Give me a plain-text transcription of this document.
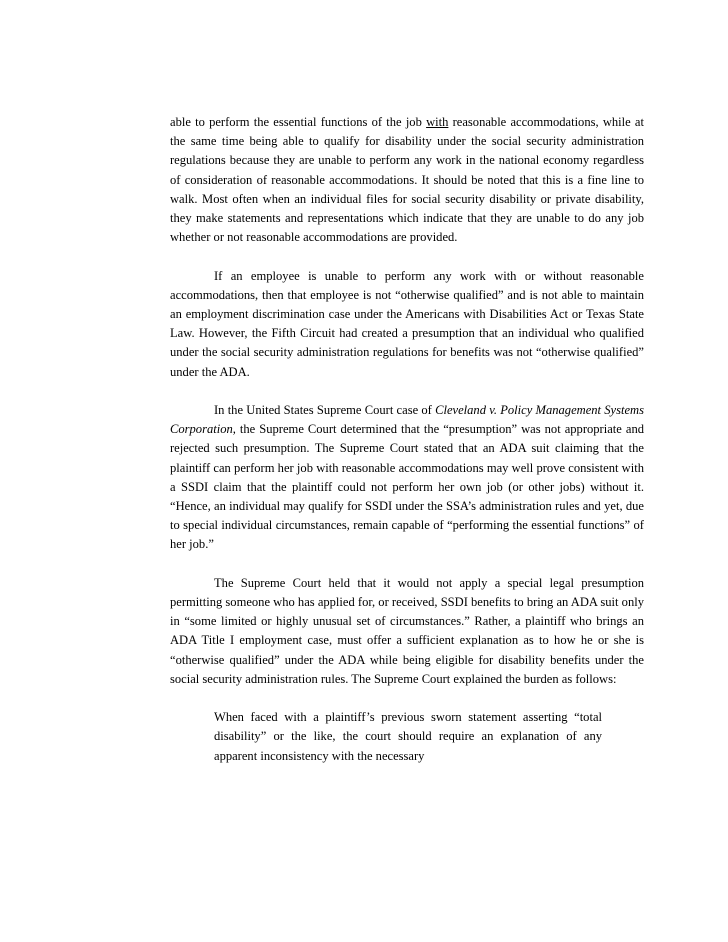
able to perform the essential functions of the job with reasonable accommodations, while at the same time being able to qualify for disability under the social security administration regulations because they are unable to perform any work in the national economy regardless of consideration of reasonable accommodations. It should be noted that this is a fine line to walk. Most often when an individual files for social security disability or private disability, they make statements and representations which indicate that they are unable to do any job whether or not reasonable accommodations are provided.

If an employee is unable to perform any work with or without reasonable accommodations, then that employee is not “otherwise qualified” and is not able to maintain an employment discrimination case under the Americans with Disabilities Act or Texas State Law. However, the Fifth Circuit had created a presumption that an individual who qualified under the social security administration regulations for benefits was not “otherwise qualified” under the ADA.

In the United States Supreme Court case of Cleveland v. Policy Management Systems Corporation, the Supreme Court determined that the “presumption” was not appropriate and rejected such presumption. The Supreme Court stated that an ADA suit claiming that the plaintiff can perform her job with reasonable accommodations may well prove consistent with a SSDI claim that the plaintiff could not perform her own job (or other jobs) without it. “Hence, an individual may qualify for SSDI under the SSA’s administration rules and yet, due to special individual circumstances, remain capable of “performing the essential functions” of her job.”

The Supreme Court held that it would not apply a special legal presumption permitting someone who has applied for, or received, SSDI benefits to bring an ADA suit only in “some limited or highly unusual set of circumstances.” Rather, a plaintiff who brings an ADA Title I employment case, must offer a sufficient explanation as to how he or she is “otherwise qualified” under the ADA while being eligible for disability benefits under the social security administration rules. The Supreme Court explained the burden as follows:

When faced with a plaintiff’s previous sworn statement asserting “total disability” or the like, the court should require an explanation of any apparent inconsistency with the necessary
